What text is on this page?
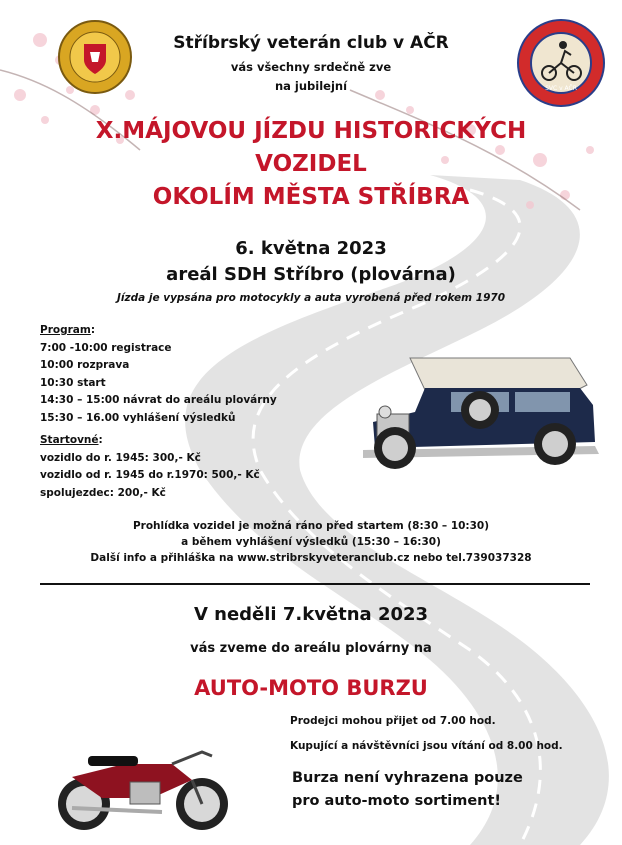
SVC v AČR
Stříbrský veterán club v AČR
vás všechny srdečně zve
na jubilejní
X.MÁJOVOU JÍZDU HISTORICKÝCH
VOZIDEL
OKOLÍM MĚSTA STŘÍBRA
6. května 2023
areál SDH Stříbro (plovárna)
Jízda je vypsána pro motocykly a auta vyrobená před rokem 1970
Program:
7:00 -10:00 registrace
10:00 rozprava
10:30 start
14:30 – 15:00 návrat do areálu plovárny
15:30 – 16.00 vyhlášení výsledků
Startovné:
vozidlo do r. 1945: 300,- Kč
vozidlo od r. 1945 do r.1970: 500,- Kč
spolujezdec: 200,- Kč
Prohlídka vozidel je možná ráno před startem (8:30 – 10:30)
a během vyhlášení výsledků (15:30 – 16:30)
Další info a přihláška na www.stribrskyveteranclub.cz nebo tel.739037328
V neděli 7.května 2023
vás zveme do areálu plovárny na
AUTO-MOTO BURZU
Prodejci mohou přijet od 7.00 hod.
Kupující a návštěvníci jsou vítání od 8.00 hod.
Burza není vyhrazena pouze
pro auto-moto sortiment!
